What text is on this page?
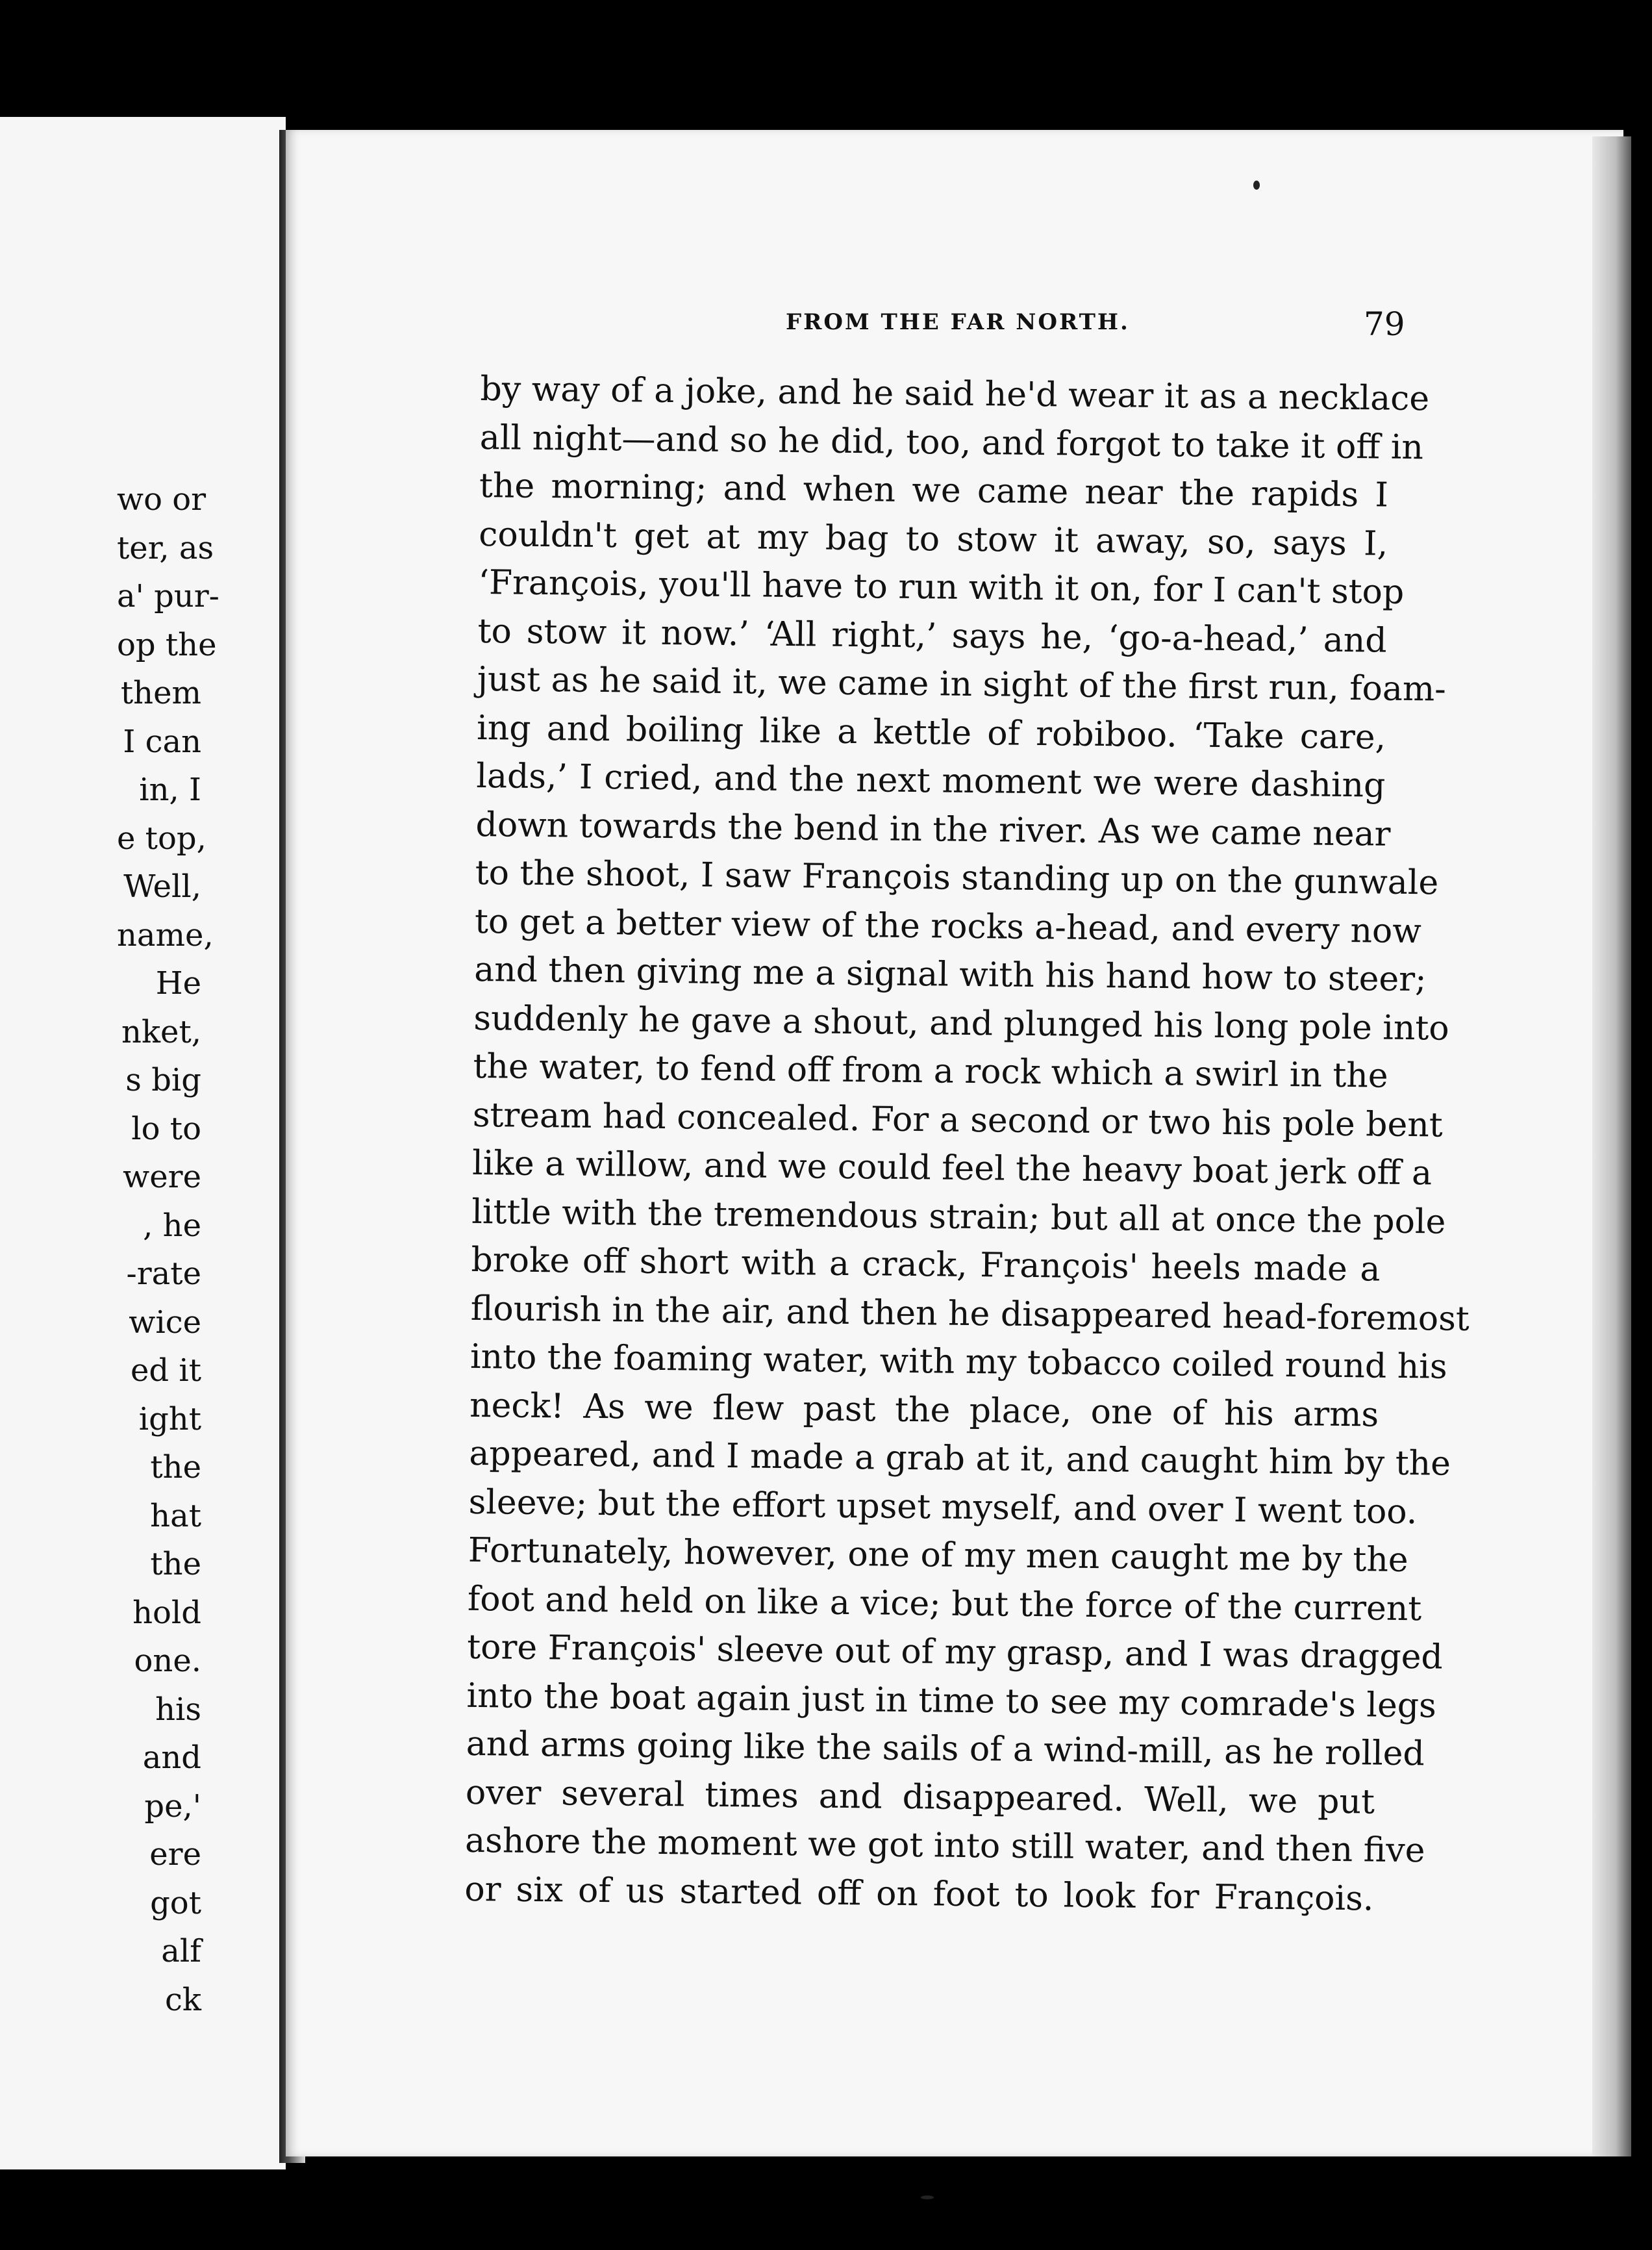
wo or
ter, as
a' pur-
op the
them
I can
in, I
e top,
Well,
name,
He
nket,
s big
lo to
were
, he
-rate
wice
ed it
ight
the
hat
the
hold
one.
his
and
pe,'
ere
got
alf
ck
FROM THE FAR NORTH.	79
by way of a joke, and he said he'd wear it as a necklace
all night—and so he did, too, and forgot to take it off in
the morning; and when we came near the rapids I
couldn't get at my bag to stow it away, so, says I,
‘François, you'll have to run with it on, for I can't stop
to stow it now.’ ‘All right,’ says he, ‘go-a-head,’ and
just as he said it, we came in sight of the first run, foam-
ing and boiling like a kettle of robiboo. ‘Take care,
lads,’ I cried, and the next moment we were dashing
down towards the bend in the river. As we came near
to the shoot, I saw François standing up on the gunwale
to get a better view of the rocks a-head, and every now
and then giving me a signal with his hand how to steer;
suddenly he gave a shout, and plunged his long pole into
the water, to fend off from a rock which a swirl in the
stream had concealed. For a second or two his pole bent
like a willow, and we could feel the heavy boat jerk off a
little with the tremendous strain; but all at once the pole
broke off short with a crack, François' heels made a
flourish in the air, and then he disappeared head-foremost
into the foaming water, with my tobacco coiled round his
neck! As we flew past the place, one of his arms
appeared, and I made a grab at it, and caught him by the
sleeve; but the effort upset myself, and over I went too.
Fortunately, however, one of my men caught me by the
foot and held on like a vice; but the force of the current
tore François' sleeve out of my grasp, and I was dragged
into the boat again just in time to see my comrade's legs
and arms going like the sails of a wind-mill, as he rolled
over several times and disappeared. Well, we put
ashore the moment we got into still water, and then five
or six of us started off on foot to look for François.
